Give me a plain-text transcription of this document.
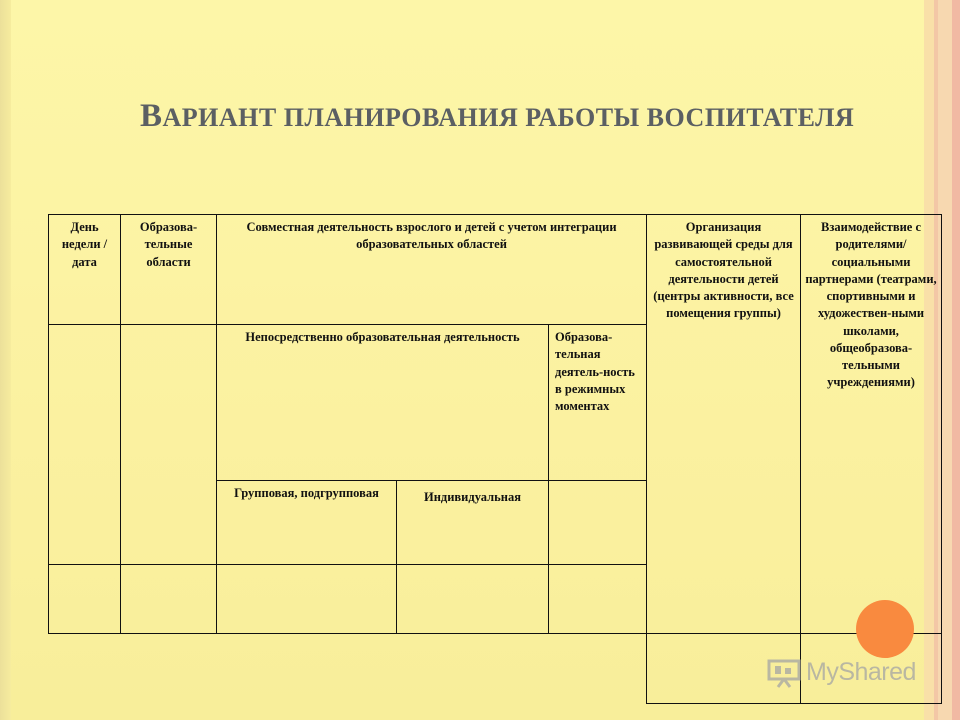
ВАРИАНТ ПЛАНИРОВАНИЯ РАБОТЫ ВОСПИТАТЕЛЯ
День недели / дата	Образова-тельные области	Совместная деятельность взрослого и детей с учетом интеграции образовательных областей			Организация развивающей среды для самостоятельной деятельности детей (центры активности, все помещения группы)	Взаимодействие с родителями/ социальными партнерами (театрами, спортивными и художествен-ными школами, общеобразова-тельными учреждениями)
		Непосредственно образовательная деятельность		Образова-тельная деятель-ность в режимных моментах		
		Групповая, подгрупповая	Индивидуальная			

MyShared
